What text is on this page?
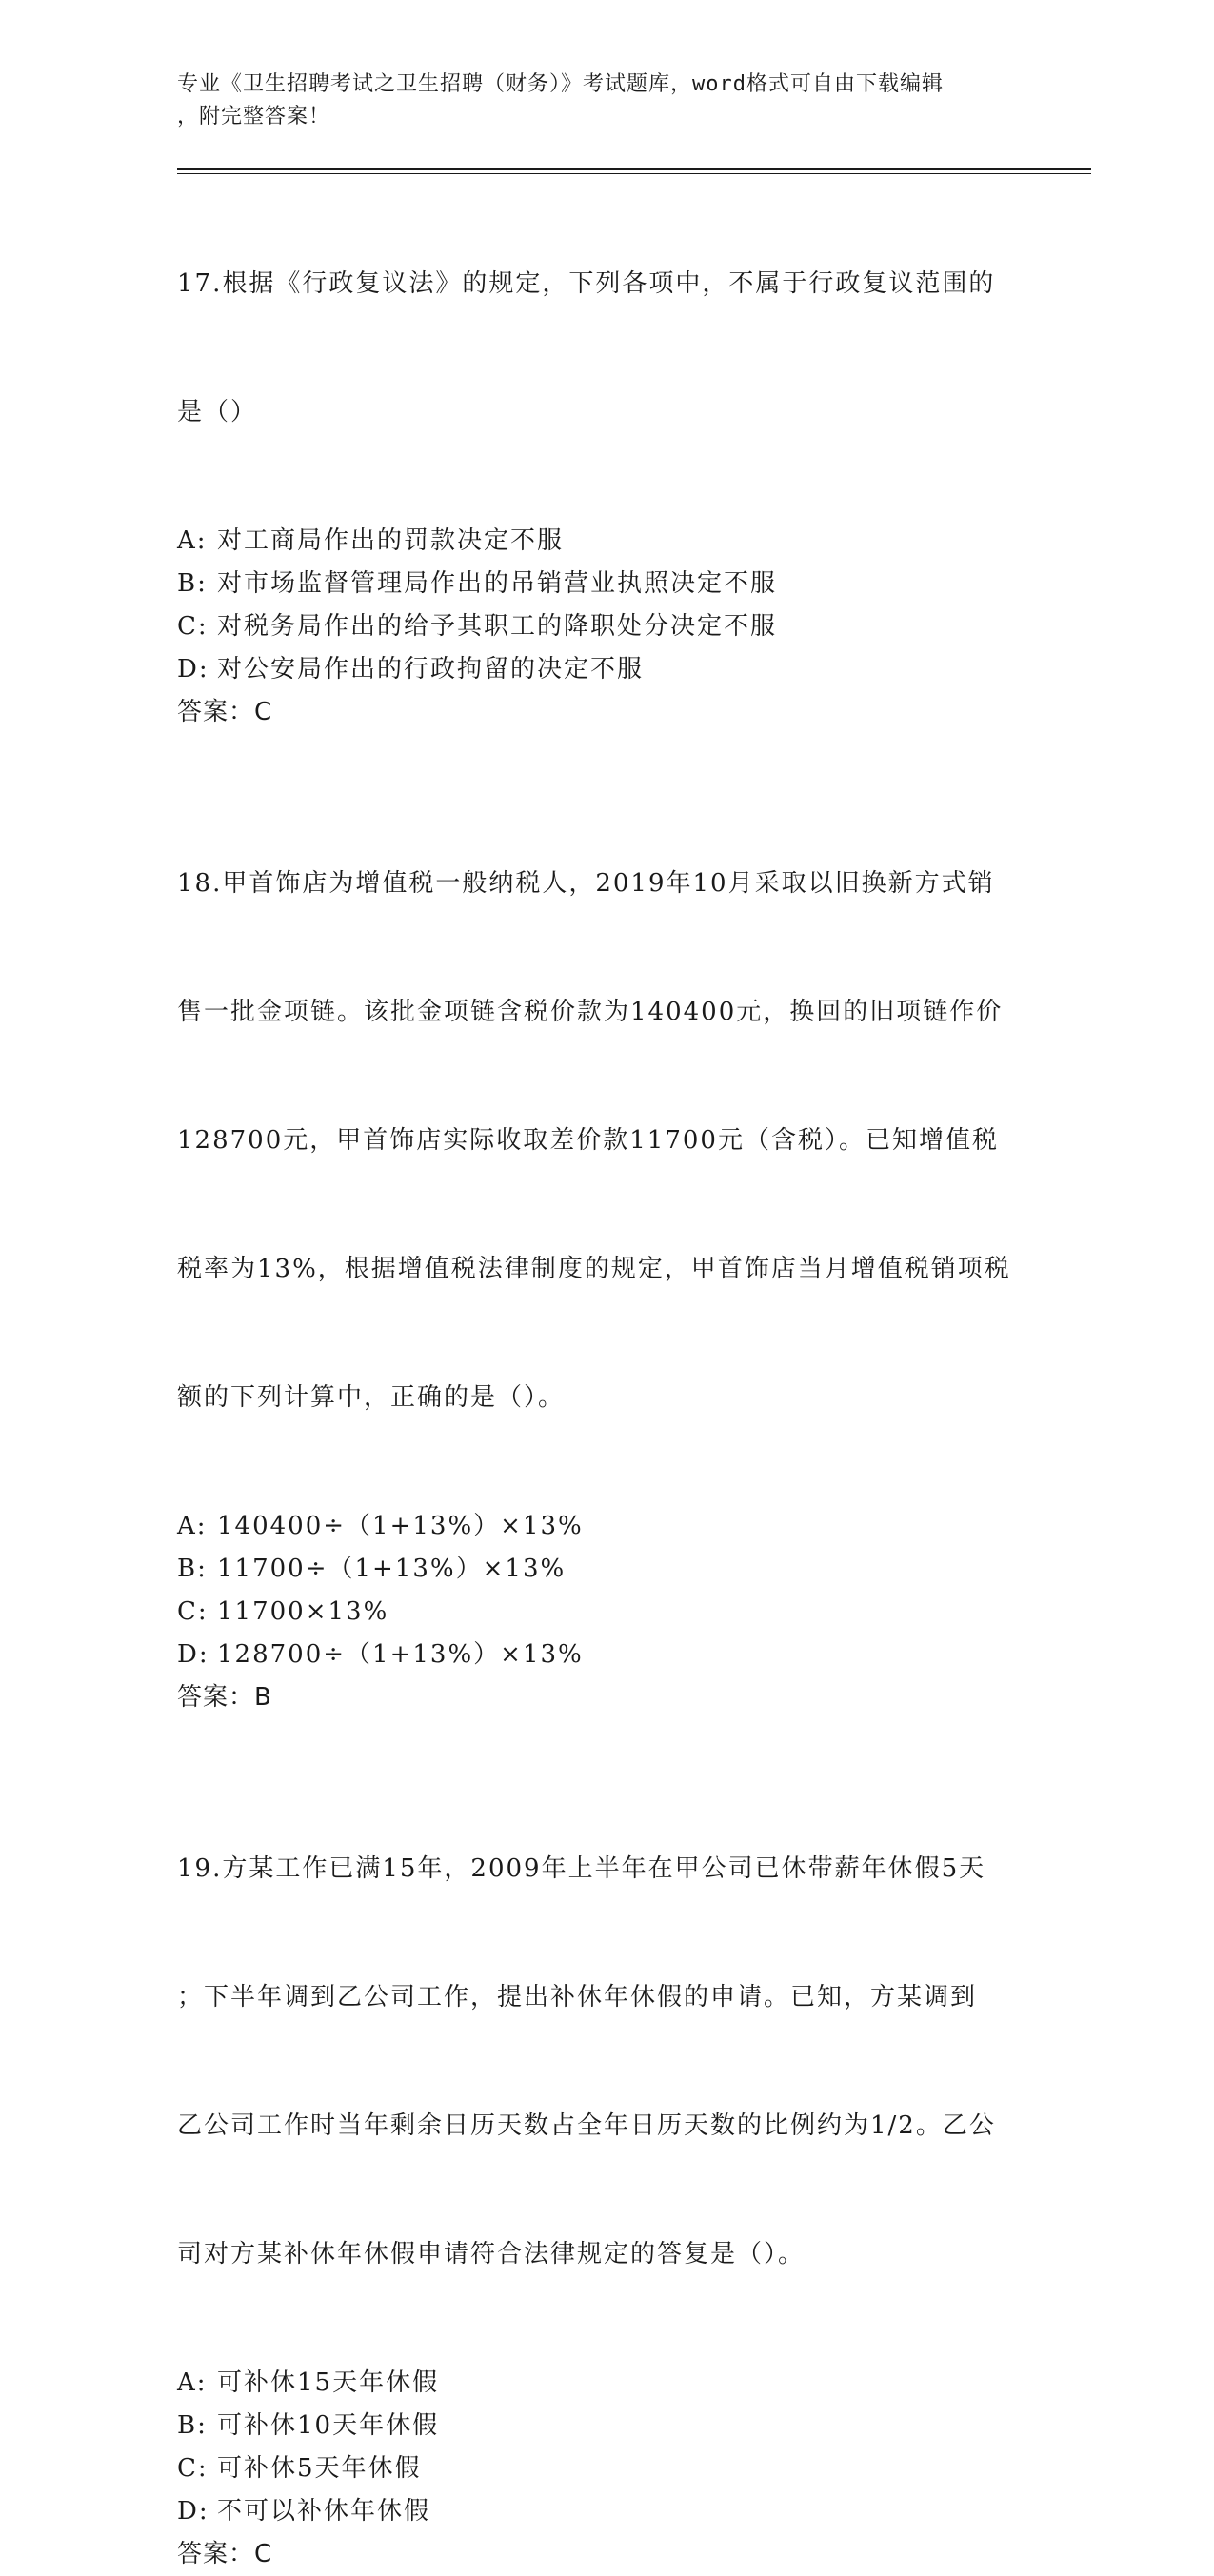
专业《卫生招聘考试之卫生招聘（财务）》考试题库，word格式可自由下载编辑
，附完整答案！

17.根据《行政复议法》的规定，下列各项中，不属于行政复议范围的

是（）

A: 对工商局作出的罚款决定不服
B: 对市场监督管理局作出的吊销营业执照决定不服
C: 对税务局作出的给予其职工的降职处分决定不服
D: 对公安局作出的行政拘留的决定不服
答案：C

18.甲首饰店为增值税一般纳税人，2019年10月采取以旧换新方式销

售一批金项链。该批金项链含税价款为140400元，换回的旧项链作价

128700元，甲首饰店实际收取差价款11700元（含税）。已知增值税

税率为13%，根据增值税法律制度的规定，甲首饰店当月增值税销项税

额的下列计算中，正确的是（）。

A: 140400÷（1+13%）×13%
B: 11700÷（1+13%）×13%
C: 11700×13%
D: 128700÷（1+13%）×13%
答案：B

19.方某工作已满15年，2009年上半年在甲公司已休带薪年休假5天

；下半年调到乙公司工作，提出补休年休假的申请。已知，方某调到

乙公司工作时当年剩余日历天数占全年日历天数的比例约为1/2。乙公

司对方某补休年休假申请符合法律规定的答复是（）。

A: 可补休15天年休假
B: 可补休10天年休假
C: 可补休5天年休假
D: 不可以补休年休假
答案：C
